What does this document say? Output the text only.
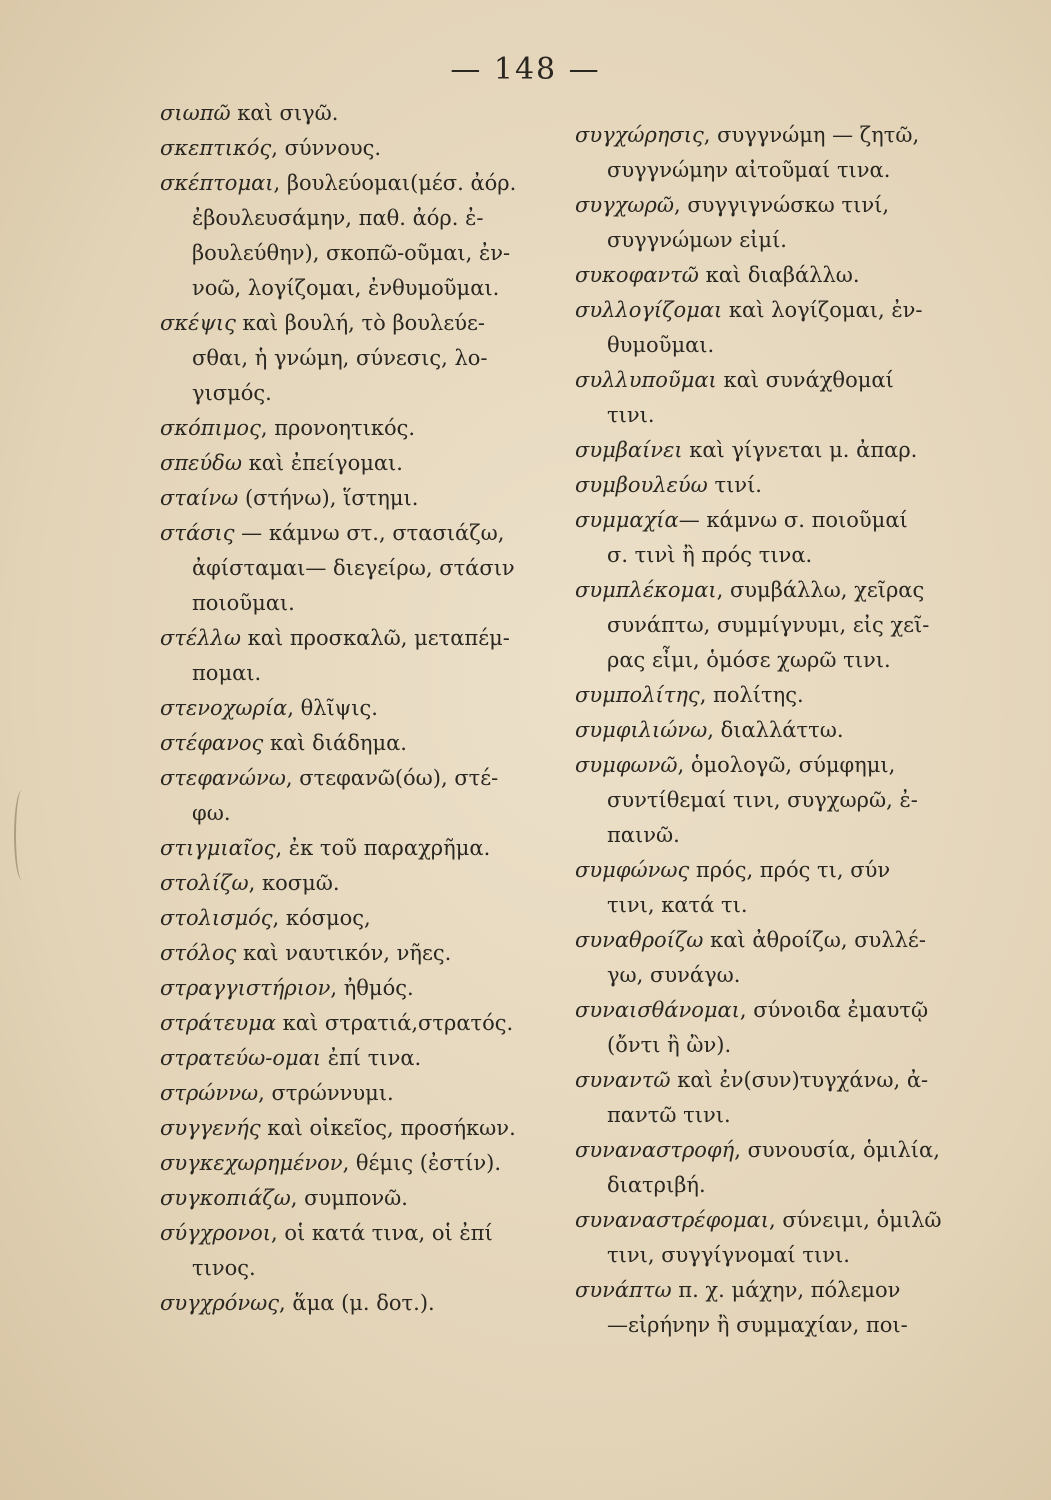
— 148 —

σιωπῶ καὶ σιγῶ.

σκεπτικός, σύννους.

σκέπτομαι, βουλεύομαι(μέσ. ἀόρ.
ἐβουλευσάμην, παθ. ἀόρ. ἐ-
βουλεύθην), σκοπῶ-οῦμαι, ἐν-
νοῶ, λογίζομαι, ἐνθυμοῦμαι.

σκέψις καὶ βουλή, τὸ βουλεύε-
σθαι, ἡ γνώμη, σύνεσις, λο-
γισμός.

σκόπιμος, προνοητικός.

σπεύδω καὶ ἐπείγομαι.

σταίνω (στήνω), ἵστημι.

στάσις — κάμνω στ., στασιάζω,
ἀφίσταμαι— διεγείρω, στάσιν
ποιοῦμαι.

στέλλω καὶ προσκαλῶ, μεταπέμ-
πομαι.

στενοχωρία, θλῖψις.

στέφανος καὶ διάδημα.

στεφανώνω, στεφανῶ(όω), στέ-
φω.

στιγμιαῖος, ἐκ τοῦ παραχρῆμα.

στολίζω, κοσμῶ.

στολισμός, κόσμος,

στόλος καὶ ναυτικόν, νῆες.

στραγγιστήριον, ἠθμός.

στράτευμα καὶ στρατιά,στρατός.

στρατεύω-ομαι ἐπί τινα.

στρώννω, στρώννυμι.

συγγενής καὶ οἰκεῖος, προσήκων.

συγκεχωρημένον, θέμις (ἐστίν).

συγκοπιάζω, συμπονῶ.

σύγχρονοι, οἱ κατά τινα, οἱ ἐπί
τινος.

συγχρόνως, ἅμα (μ. δοτ.).

συγχώρησις, συγγνώμη — ζητῶ,
συγγνώμην αἰτοῦμαί τινα.

συγχωρῶ, συγγιγνώσκω τινί,
συγγνώμων εἰμί.

συκοφαντῶ καὶ διαβάλλω.

συλλογίζομαι καὶ λογίζομαι, ἐν-
θυμοῦμαι.

συλλυποῦμαι καὶ συνάχθομαί
τινι.

συμβαίνει καὶ γίγνεται μ. ἀπαρ.

συμβουλεύω τινί.

συμμαχία— κάμνω σ. ποιοῦμαί
σ. τινὶ ἢ πρός τινα.

συμπλέκομαι, συμβάλλω, χεῖρας
συνάπτω, συμμίγνυμι, εἰς χεῖ-
ρας εἶμι, ὁμόσε χωρῶ τινι.

συμπολίτης, πολίτης.

συμφιλιώνω, διαλλάττω.

συμφωνῶ, ὁμολογῶ, σύμφημι,
συντίθεμαί τινι, συγχωρῶ, ἐ-
παινῶ.

συμφώνως πρός, πρός τι, σύν
τινι, κατά τι.

συναθροίζω καὶ ἀθροίζω, συλλέ-
γω, συνάγω.

συναισθάνομαι, σύνοιδα ἐμαυτῷ
(ὄντι ἢ ὢν).

συναντῶ καὶ ἐν(συν)τυγχάνω, ἀ-
παντῶ τινι.

συναναστροφή, συνουσία, ὁμιλία,
διατριβή.

συναναστρέφομαι, σύνειμι, ὁμιλῶ
τινι, συγγίγνομαί τινι.

συνάπτω π. χ. μάχην, πόλεμον
—εἰρήνην ἢ συμμαχίαν, ποι-
